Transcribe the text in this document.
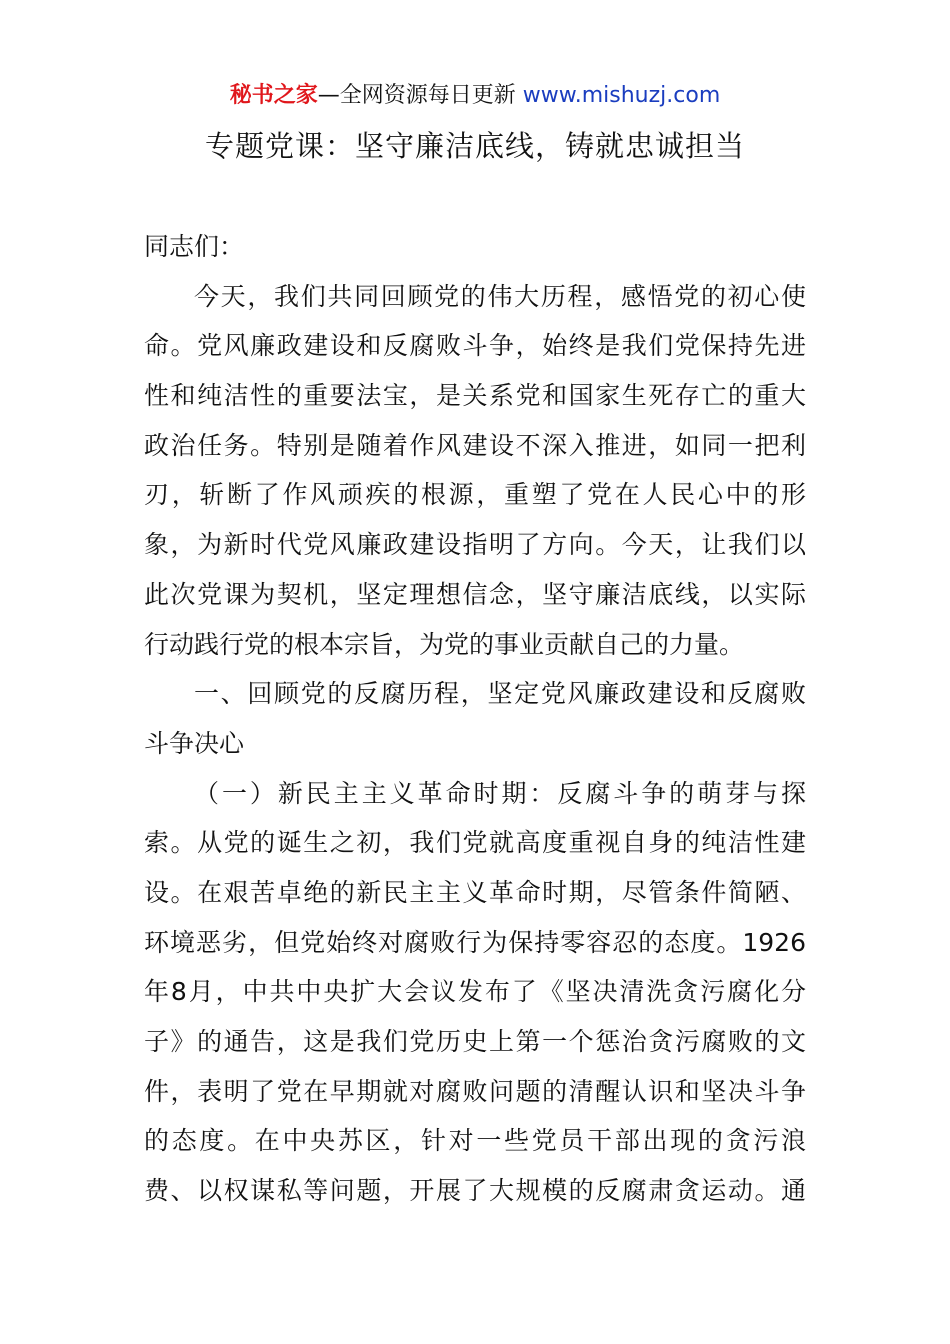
秘书之家—全网资源每日更新 www.mishuzj.com
专题党课：坚守廉洁底线，铸就忠诚担当
同志们：
今天，我们共同回顾党的伟大历程，感悟党的初心使
命。党风廉政建设和反腐败斗争，始终是我们党保持先进
性和纯洁性的重要法宝，是关系党和国家生死存亡的重大
政治任务。特别是随着作风建设不深入推进，如同一把利
刃，斩断了作风顽疾的根源，重塑了党在人民心中的形
象，为新时代党风廉政建设指明了方向。今天，让我们以
此次党课为契机，坚定理想信念，坚守廉洁底线，以实际
行动践行党的根本宗旨，为党的事业贡献自己的力量。
一、回顾党的反腐历程，坚定党风廉政建设和反腐败
斗争决心
（一）新民主主义革命时期：反腐斗争的萌芽与探
索。从党的诞生之初，我们党就高度重视自身的纯洁性建
设。在艰苦卓绝的新民主主义革命时期，尽管条件简陋、
环境恶劣，但党始终对腐败行为保持零容忍的态度。1926
年8月，中共中央扩大会议发布了《坚决清洗贪污腐化分
子》的通告，这是我们党历史上第一个惩治贪污腐败的文
件，表明了党在早期就对腐败问题的清醒认识和坚决斗争
的态度。在中央苏区，针对一些党员干部出现的贪污浪
费、以权谋私等问题，开展了大规模的反腐肃贪运动。通
